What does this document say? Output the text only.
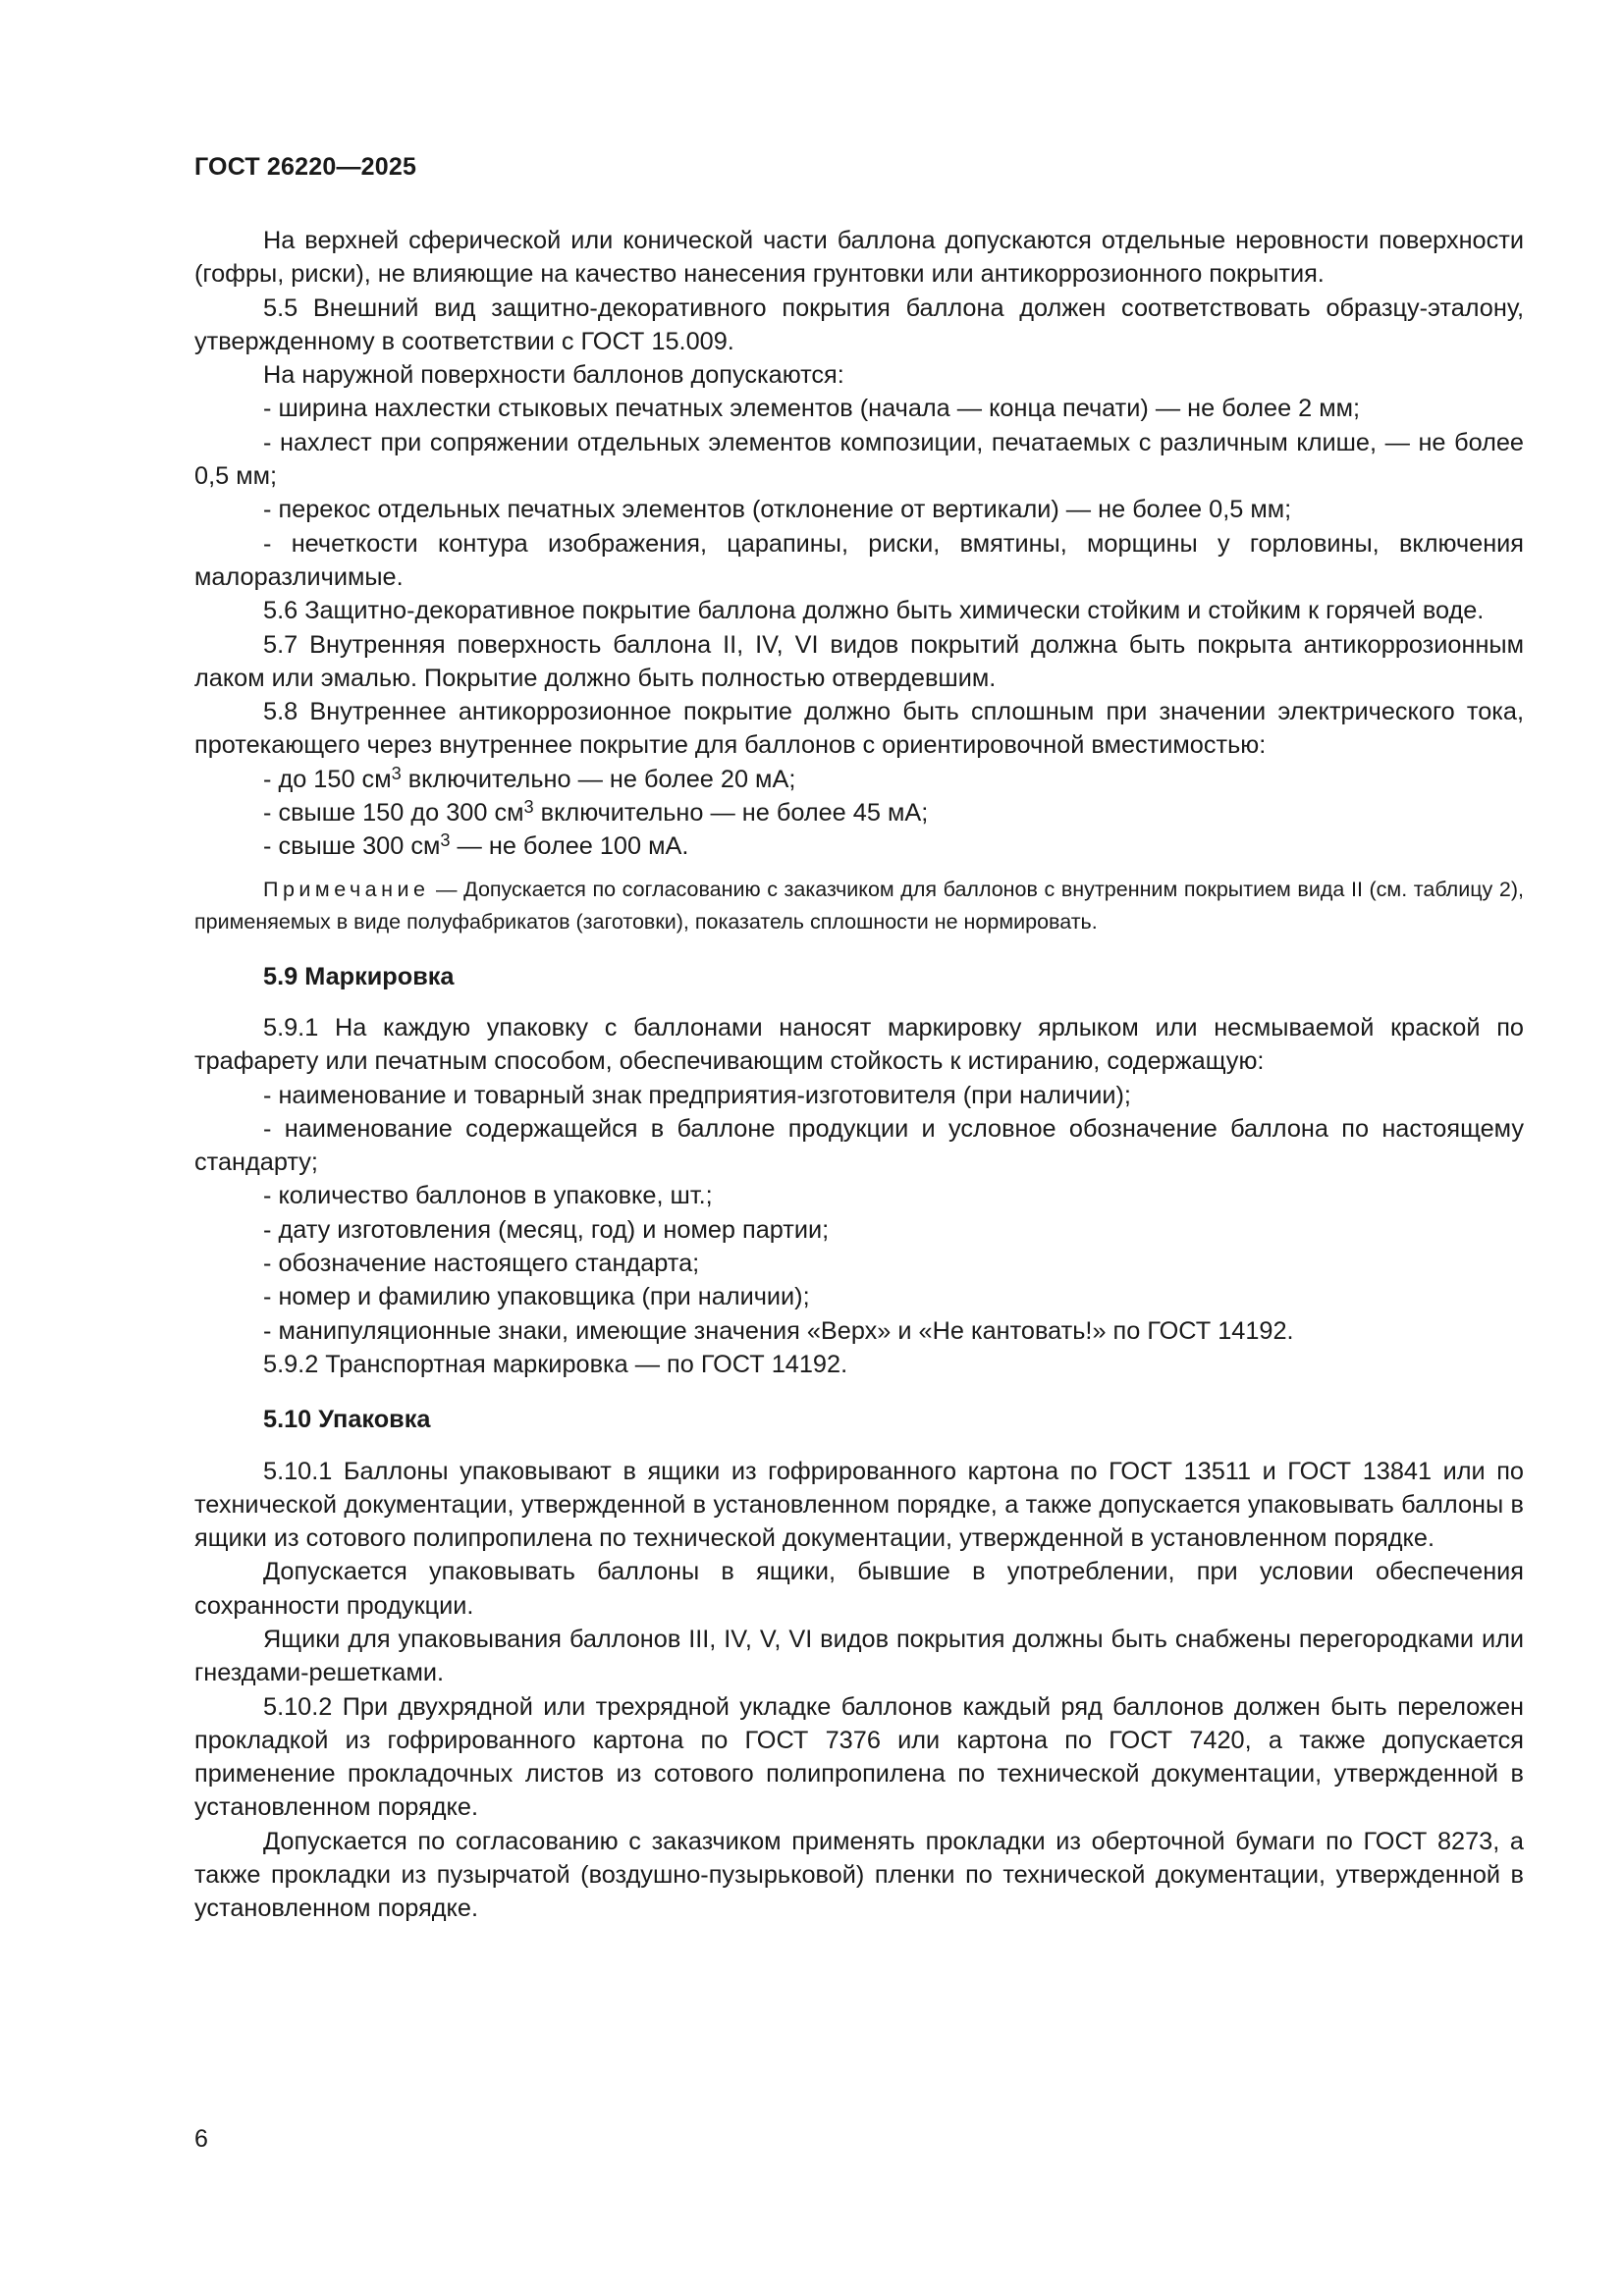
ГОСТ 26220—2025

На верхней сферической или конической части баллона допускаются отдельные неровности поверхности (гофры, риски), не влияющие на качество нанесения грунтовки или антикоррозионного покрытия.

5.5 Внешний вид защитно-декоративного покрытия баллона должен соответствовать образцу-эталону, утвержденному в соответствии с ГОСТ 15.009.

На наружной поверхности баллонов допускаются:

- ширина нахлестки стыковых печатных элементов (начала — конца печати) — не более 2 мм;

- нахлест при сопряжении отдельных элементов композиции, печатаемых с различным клише, — не более 0,5 мм;

- перекос отдельных печатных элементов (отклонение от вертикали) — не более 0,5 мм;

- нечеткости контура изображения, царапины, риски, вмятины, морщины у горловины, включения малоразличимые.

5.6 Защитно-декоративное покрытие баллона должно быть химически стойким и стойким к горячей воде.

5.7 Внутренняя поверхность баллона II, IV, VI видов покрытий должна быть покрыта антикоррозионным лаком или эмалью. Покрытие должно быть полностью отвердевшим.

5.8 Внутреннее антикоррозионное покрытие должно быть сплошным при значении электрического тока, протекающего через внутреннее покрытие для баллонов с ориентировочной вместимостью:

- до 150 $см^3$ включительно — не более 20 мА;

- свыше 150 до 300 $см^3$ включительно — не более 45 мА;

- свыше 300 $см^3$ — не более 100 мА.

Примечание — Допускается по согласованию с заказчиком для баллонов с внутренним покрытием вида II (см. таблицу 2), применяемых в виде полуфабрикатов (заготовки), показатель сплошности не нормировать.

5.9 Маркировка

5.9.1 На каждую упаковку с баллонами наносят маркировку ярлыком или несмываемой краской по трафарету или печатным способом, обеспечивающим стойкость к истиранию, содержащую:

- наименование и товарный знак предприятия-изготовителя (при наличии);

- наименование содержащейся в баллоне продукции и условное обозначение баллона по настоящему стандарту;

- количество баллонов в упаковке, шт.;

- дату изготовления (месяц, год) и номер партии;

- обозначение настоящего стандарта;

- номер и фамилию упаковщика (при наличии);

- манипуляционные знаки, имеющие значения «Верх» и «Не кантовать!» по ГОСТ 14192.

5.9.2 Транспортная маркировка — по ГОСТ 14192.

5.10 Упаковка

5.10.1 Баллоны упаковывают в ящики из гофрированного картона по ГОСТ 13511 и ГОСТ 13841 или по технической документации, утвержденной в установленном порядке, а также допускается упаковывать баллоны в ящики из сотового полипропилена по технической документации, утвержденной в установленном порядке.

Допускается упаковывать баллоны в ящики, бывшие в употреблении, при условии обеспечения сохранности продукции.

Ящики для упаковывания баллонов III, IV, V, VI видов покрытия должны быть снабжены перегородками или гнездами-решетками.

5.10.2 При двухрядной или трехрядной укладке баллонов каждый ряд баллонов должен быть переложен прокладкой из гофрированного картона по ГОСТ 7376 или картона по ГОСТ 7420, а также допускается применение прокладочных листов из сотового полипропилена по технической документации, утвержденной в установленном порядке.

Допускается по согласованию с заказчиком применять прокладки из оберточной бумаги по ГОСТ 8273, а также прокладки из пузырчатой (воздушно-пузырьковой) пленки по технической документации, утвержденной в установленном порядке.

6
